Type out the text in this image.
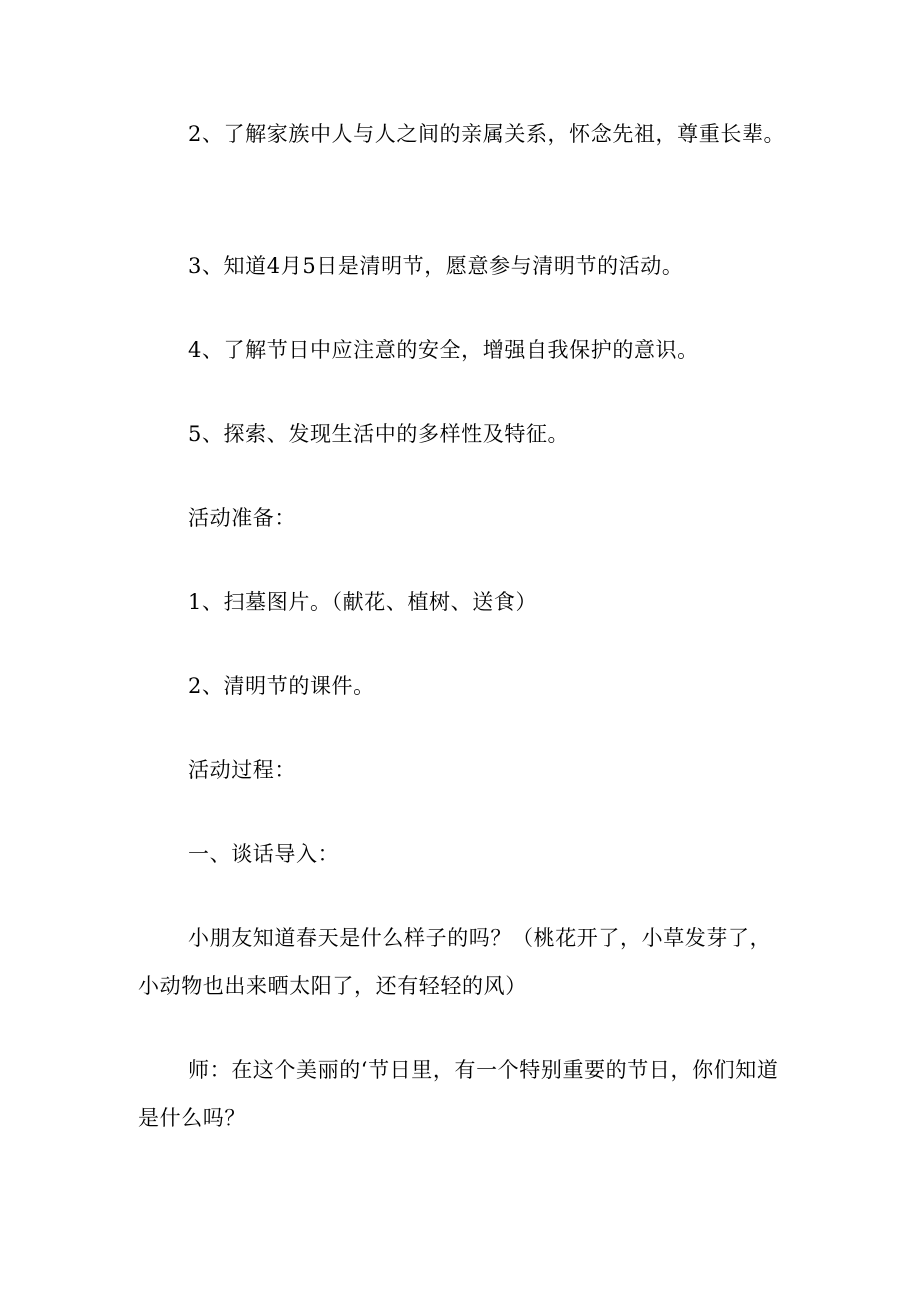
2、了解家族中人与人之间的亲属关系，怀念先祖，尊重长辈。

3、知道4月5日是清明节，愿意参与清明节的活动。

4、了解节日中应注意的安全，增强自我保护的意识。

5、探索、发现生活中的多样性及特征。

活动准备：

1、扫墓图片。（献花、植树、送食）

2、清明节的课件。

活动过程：

一、谈话导入：

小朋友知道春天是什么样子的吗？（桃花开了，小草发芽了，小动物也出来晒太阳了，还有轻轻的风）

师：在这个美丽的‘节日里，有一个特别重要的节日，你们知道是什么吗？
